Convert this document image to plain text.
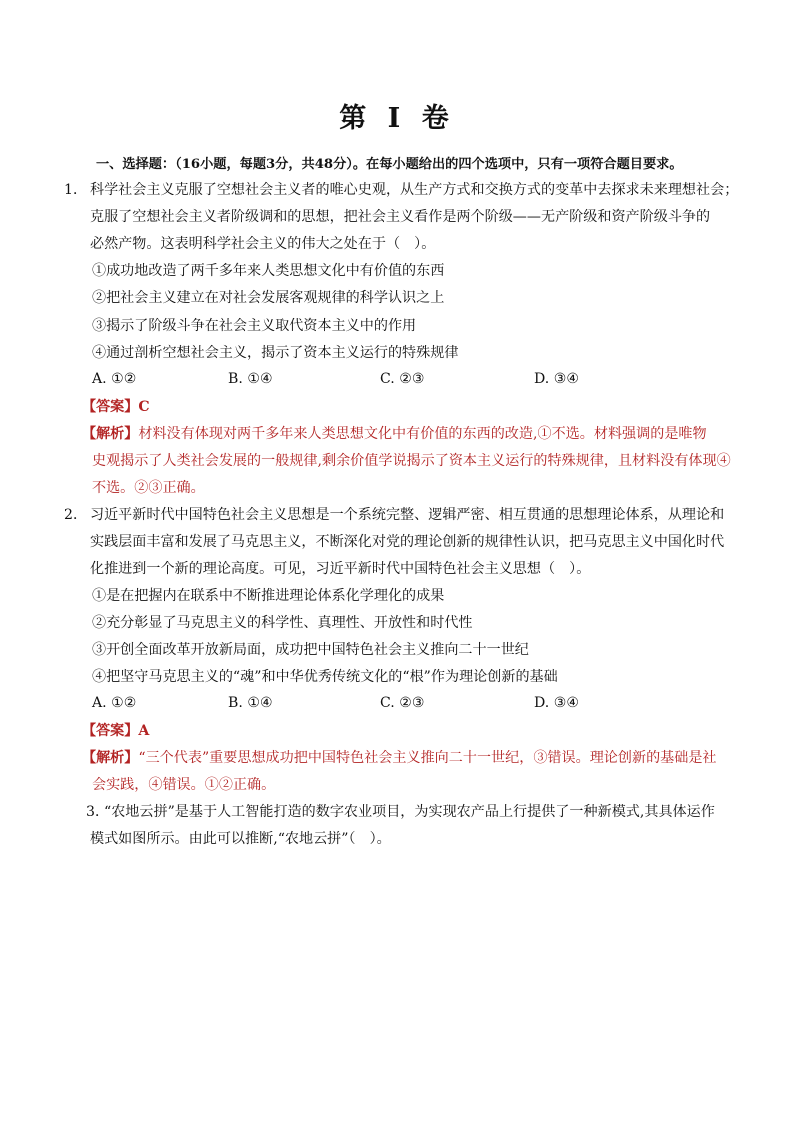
第 I 卷
一、选择题：（16小题，每题3分，共48分）。在每小题给出的四个选项中，只有一项符合题目要求。
1． 科学社会主义克服了空想社会主义者的唯心史观，从生产方式和交换方式的变革中去探求未来理想社会；
克服了空想社会主义者阶级调和的思想，把社会主义看作是两个阶级——无产阶级和资产阶级斗争的
必然产物。这表明科学社会主义的伟大之处在于（　）。
①成功地改造了两千多年来人类思想文化中有价值的东西
②把社会主义建立在对社会发展客观规律的科学认识之上
③揭示了阶级斗争在社会主义取代资本主义中的作用
④通过剖析空想社会主义，揭示了资本主义运行的特殊规律
A. ①②	B. ①④	C. ②③	D. ③④
【答案】C
【解析】材料没有体现对两千多年来人类思想文化中有价值的东西的改造,①不选。材料强调的是唯物
史观揭示了人类社会发展的一般规律,剩余价值学说揭示了资本主义运行的特殊规律，且材料没有体现④
不选。②③正确。
2． 习近平新时代中国特色社会主义思想是一个系统完整、逻辑严密、相互贯通的思想理论体系，从理论和
实践层面丰富和发展了马克思主义，不断深化对党的理论创新的规律性认识，把马克思主义中国化时代
化推进到一个新的理论高度。可见，习近平新时代中国特色社会主义思想（　）。
①是在把握内在联系中不断推进理论体系化学理化的成果
②充分彰显了马克思主义的科学性、真理性、开放性和时代性
③开创全面改革开放新局面，成功把中国特色社会主义推向二十一世纪
④把坚守马克思主义的“魂”和中华优秀传统文化的“根”作为理论创新的基础
A. ①②	B. ①④	C. ②③	D. ③④
【答案】A
【解析】“三个代表”重要思想成功把中国特色社会主义推向二十一世纪，③错误。理论创新的基础是社
会实践，④错误。①②正确。
3．
“农地云拼”是基于人工智能打造的数字农业项目，为实现农产品上行提供了一种新模式,其具体运作
模式如图所示。由此可以推断,“农地云拼”（　）。
